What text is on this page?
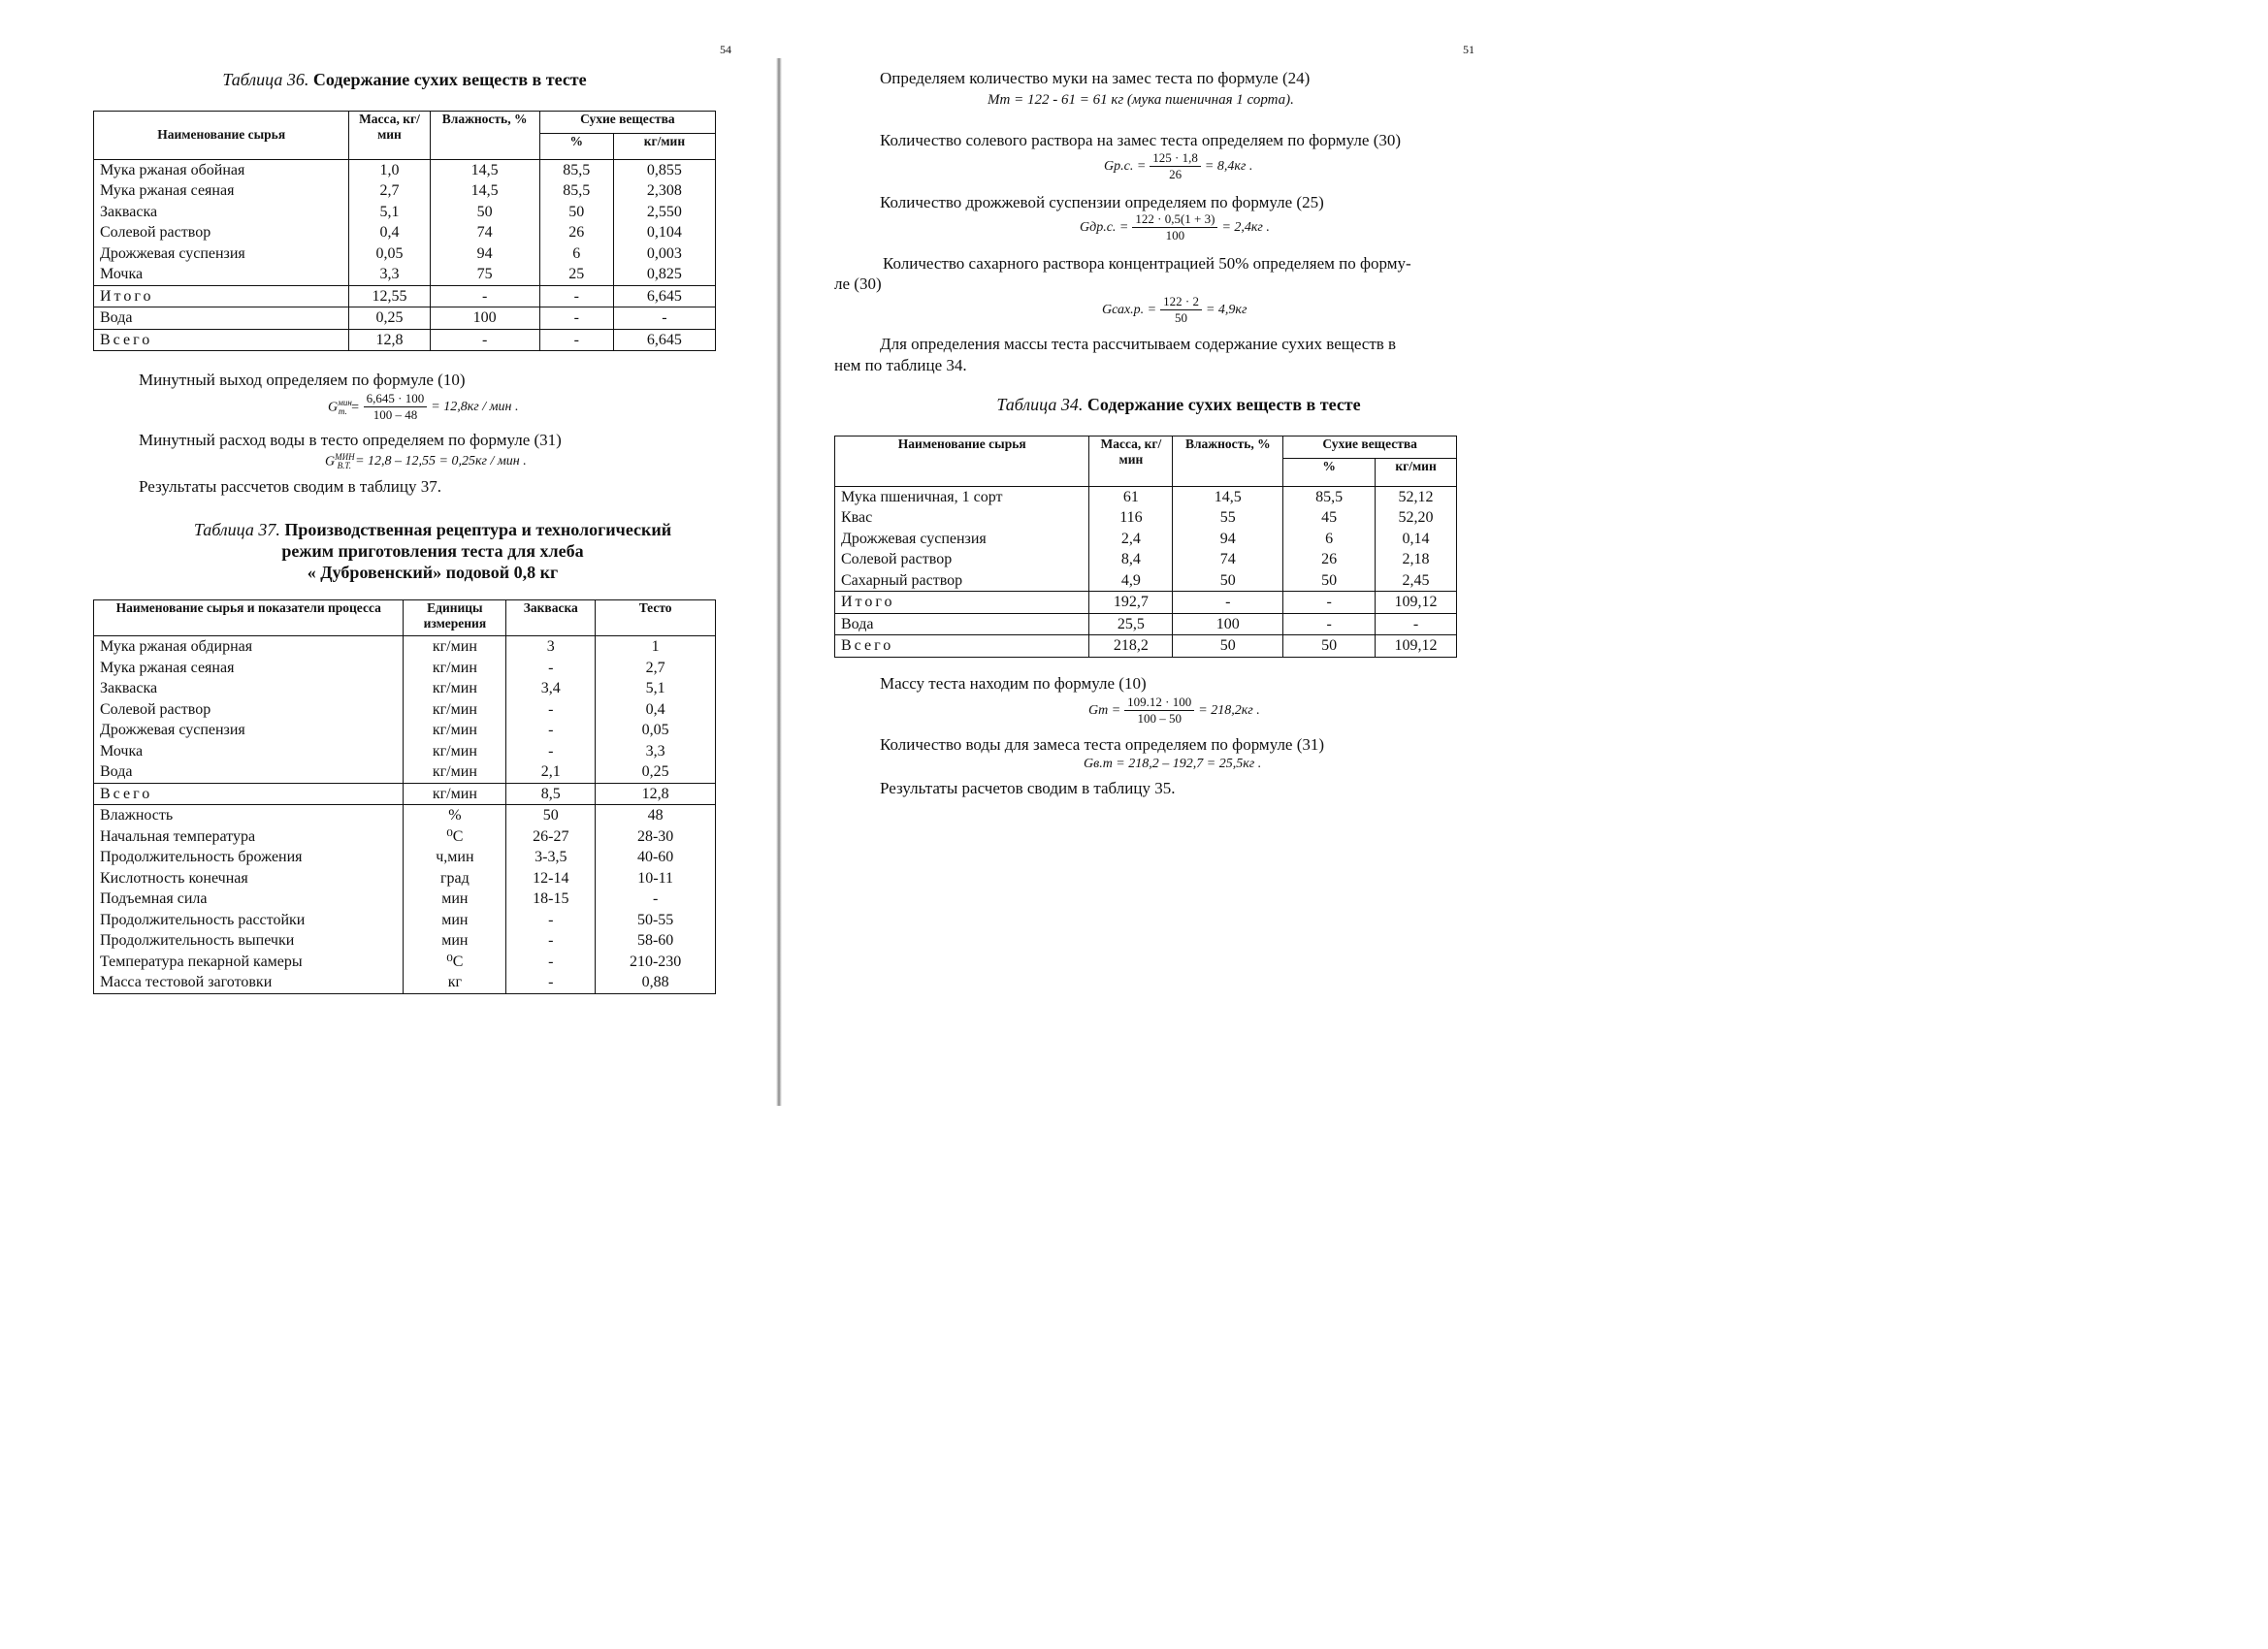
54
Таблица 36. Содержание сухих веществ в тесте
Наименование сырья	Масса, кг/мин	Влажность, %	Сухие вещества	
			%	кг/мин
Мука ржаная обойная	1,0	14,5	85,5	0,855
Мука ржаная сеяная	2,7	14,5	85,5	2,308
Закваска	5,1	50	50	2,550
Солевой раствор	0,4	74	26	0,104
Дрожжевая суспензия	0,05	94	6	0,003
Мочка	3,3	75	25	0,825
Итого	12,55	-	-	6,645
Вода	0,25	100	-	-
Всего	12,8	-	-	6,645
Минутный выход определяем по формуле (10)
$G^{мин}_{т.} = \frac{6,645 \cdot 100}{100 - 48} = 12,8кг$ / мин .
Минутный расход воды в тесто определяем по формуле (31)
$G^{МИН}_{В.Т.} = 12,8 - 12,55 = 0,25кг$ / мин .
Результаты рассчетов сводим в таблицу 37.
Таблица 37. Производственная рецептура и технологический
режим приготовления теста для хлеба
« Дубровенский» подовой 0,8 кг
Наименование сырья и показатели процесса	Единицы измерения	Закваска	Тесто
Мука ржаная обдирная	кг/мин	3	1
Мука ржаная сеяная	кг/мин	-	2,7
Закваска	кг/мин	3,4	5,1
Солевой раствор	кг/мин	-	0,4
Дрожжевая суспензия	кг/мин	-	0,05
Мочка	кг/мин	-	3,3
Вода	кг/мин	2,1	0,25
Всего	кг/мин	8,5	12,8
Влажность	%	50	48
Начальная температура	⁰С	26-27	28-30
Продолжительность брожения	ч,мин	3-3,5	40-60
Кислотность конечная	град	12-14	10-11
Подъемная сила	мин	18-15	-
Продолжительность расстойки	мин	-	50-55
Продолжительность выпечки	мин	-	58-60
Температура пекарной камеры	⁰С	-	210-230
Масса тестовой заготовки	кг	-	0,88
51
Определяем количество муки на замес теста по формуле (24)
Мт = 122 - 61 = 61 кг (мука пшеничная 1 сорта).
Количество солевого раствора на замес теста определяем по формуле (30)
Gр.с. = $\frac{125 \cdot 1,8}{26} = 8,4кг$ .
Количество дрожжевой суспензии определяем по формуле (25)
Gдр.с. = $\frac{122 \cdot 0,5(1 + 3)}{100} = 2,4кг$ .
Количество сахарного раствора концентрацией 50% определяем по форму-
ле (30)
Gсах.р. = $\frac{122 \cdot 2}{50} = 4,9кг$
Для определения массы теста рассчитываем содержание сухих веществ в
нем по таблице 34.
Таблица 34. Содержание сухих веществ в тесте
Наименование сырья	Масса, кг/мин	Влажность, %	Сухие вещества	
			%	кг/мин
Мука пшеничная, 1 сорт	61	14,5	85,5	52,12
Квас	116	55	45	52,20
Дрожжевая суспензия	2,4	94	6	0,14
Солевой раствор	8,4	74	26	2,18
Сахарный раствор	4,9	50	50	2,45
Итого	192,7	-	-	109,12
Вода	25,5	100	-	-
Всего	218,2	50	50	109,12
Массу теста находим по формуле (10)
$Gm = \frac{109.12 \cdot 100}{100 - 50} = 218,2кг$ .
Количество воды для замеса теста определяем по формуле (31)
Gв.т = 218,2 – 192,7 = 25,5кг .
Результаты расчетов сводим в таблицу 35.
